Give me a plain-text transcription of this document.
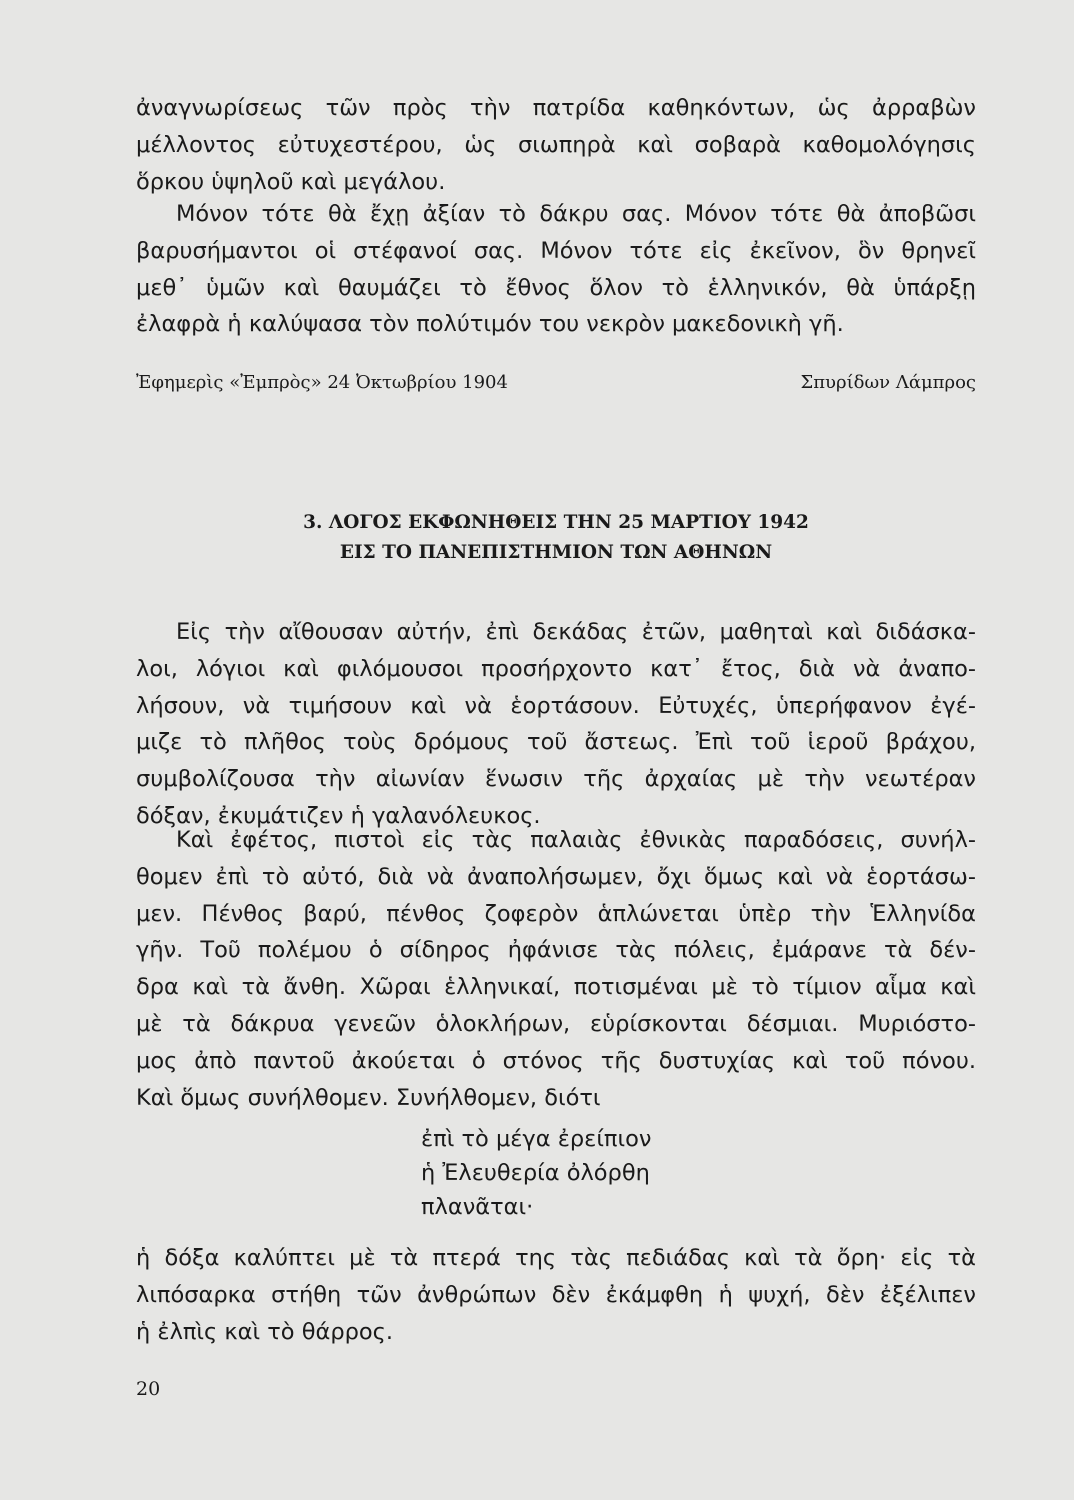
ἀναγνωρίσεως τῶν πρὸς τὴν πατρίδα καθηκόντων, ὡς ἀρραβὼν
μέλλοντος εὐτυχεστέρου, ὡς σιωπηρὰ καὶ σοβαρὰ καθομολόγησις
ὅρκου ὑψηλοῦ καὶ μεγάλου.

Μόνον τότε θὰ ἔχῃ ἀξίαν τὸ δάκρυ σας. Μόνον τότε θὰ ἀποβῶσι
βαρυσήμαντοι οἱ στέφανοί σας. Μόνον τότε εἰς ἐκεῖνον, ὃν θρηνεῖ
μεθ᾽ ὑμῶν καὶ θαυμάζει τὸ ἔθνος ὅλον τὸ ἑλληνικόν, θὰ ὑπάρξῃ
ἐλαφρὰ ἡ καλύψασα τὸν πολύτιμόν του νεκρὸν μακεδονικὴ γῆ.

Ἐφημερὶς «Ἐμπρὸς» 24 Ὀκτωβρίου 1904	Σπυρίδων Λάμπρος
3. ΛΟΓΟΣ ΕΚΦΩΝΗΘΕΙΣ ΤΗΝ 25 ΜΑΡΤΙΟΥ 1942
ΕΙΣ ΤΟ ΠΑΝΕΠΙΣΤΗΜΙΟΝ ΤΩΝ ΑΘΗΝΩΝ

Εἰς τὴν αἴθουσαν αὐτήν, ἐπὶ δεκάδας ἐτῶν, μαθηταὶ καὶ διδάσκα-
λοι, λόγιοι καὶ φιλόμουσοι προσήρχοντο κατ᾽ ἔτος, διὰ νὰ ἀναπο-
λήσουν, νὰ τιμήσουν καὶ νὰ ἑορτάσουν. Εὐτυχές, ὑπερήφανον ἐγέ-
μιζε τὸ πλῆθος τοὺς δρόμους τοῦ ἄστεως. Ἐπὶ τοῦ ἱεροῦ βράχου,
συμβολίζουσα τὴν αἰωνίαν ἕνωσιν τῆς ἀρχαίας μὲ τὴν νεωτέραν
δόξαν, ἐκυμάτιζεν ἡ γαλανόλευκος.

Καὶ ἐφέτος, πιστοὶ εἰς τὰς παλαιὰς ἐθνικὰς παραδόσεις, συνήλ-
θομεν ἐπὶ τὸ αὐτό, διὰ νὰ ἀναπολήσωμεν, ὄχι ὅμως καὶ νὰ ἑορτάσω-
μεν. Πένθος βαρύ, πένθος ζοφερὸν ἁπλώνεται ὑπὲρ τὴν Ἑλληνίδα
γῆν. Τοῦ πολέμου ὁ σίδηρος ἠφάνισε τὰς πόλεις, ἐμάρανε τὰ δέν-
δρα καὶ τὰ ἄνθη. Χῶραι ἑλληνικαί, ποτισμέναι μὲ τὸ τίμιον αἷμα καὶ
μὲ τὰ δάκρυα γενεῶν ὁλοκλήρων, εὑρίσκονται δέσμιαι. Μυριόστο-
μος ἀπὸ παντοῦ ἀκούεται ὁ στόνος τῆς δυστυχίας καὶ τοῦ πόνου.
Καὶ ὅμως συνήλθομεν. Συνήλθομεν, διότι

ἐπὶ τὸ μέγα ἐρείπιον
ἡ Ἐλευθερία ὀλόρθη
πλανᾶται·

ἡ δόξα καλύπτει μὲ τὰ πτερά της τὰς πεδιάδας καὶ τὰ ὄρη· εἰς τὰ
λιπόσαρκα στήθη τῶν ἀνθρώπων δὲν ἐκάμφθη ἡ ψυχή, δὲν ἐξέλιπεν
ἡ ἐλπὶς καὶ τὸ θάρρος.

20
